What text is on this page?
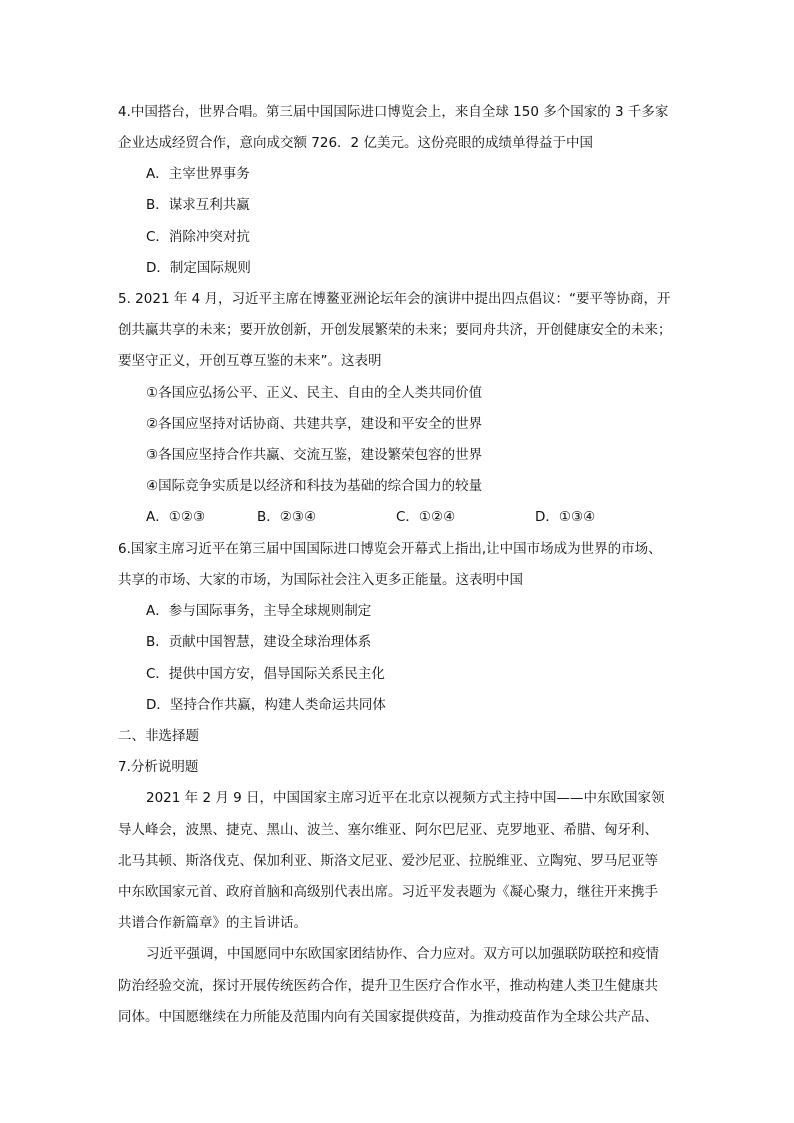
4.中国搭台，世界合唱。第三届中国国际进口博览会上，来自全球 150 多个国家的 3 千多家
企业达成经贸合作，意向成交额 726．2 亿美元。这份亮眼的成绩单得益于中国
A．主宰世界事务
B．谋求互利共赢
C．消除冲突对抗
D．制定国际规则
5. 2021 年 4 月，习近平主席在博鳌亚洲论坛年会的演讲中提出四点倡议：“要平等协商，开
创共赢共享的未来；要开放创新，开创发展繁荣的未来；要同舟共济，开创健康安全的未来；
要坚守正义，开创互尊互鉴的未来”。这表明
①各国应弘扬公平、正义、民主、自由的全人类共同价值
②各国应坚持对话协商、共建共享，建设和平安全的世界
③各国应坚持合作共赢、交流互鉴，建设繁荣包容的世界
④国际竞争实质是以经济和科技为基础的综合国力的较量
A．①②③	B．②③④	C．①②④	D．①③④
6.国家主席习近平在第三届中国国际进口博览会开幕式上指出,让中国市场成为世界的市场、
共享的市场、大家的市场，为国际社会注入更多正能量。这表明中国
A．参与国际事务，主导全球规则制定
B．贡献中国智慧，建设全球治理体系
C．提供中国方安，倡导国际关系民主化
D．坚持合作共赢，构建人类命运共同体
二、非选择题
7.分析说明题
2021 年 2 月 9 日，中国国家主席习近平在北京以视频方式主持中国——中东欧国家领
导人峰会，波黑、捷克、黑山、波兰、塞尔维亚、阿尔巴尼亚、克罗地亚、希腊、匈牙利、
北马其顿、斯洛伐克、保加利亚、斯洛文尼亚、爱沙尼亚、拉脱维亚、立陶宛、罗马尼亚等
中东欧国家元首、政府首脑和高级别代表出席。习近平发表题为《凝心聚力，继往开来携手
共谱合作新篇章》的主旨讲话。
习近平强调，中国愿同中东欧国家团结协作、合力应对。双方可以加强联防联控和疫情
防治经验交流，探讨开展传统医药合作，提升卫生医疗合作水平，推动构建人类卫生健康共
同体。中国愿继续在力所能及范围内向有关国家提供疫苗，为推动疫苗作为全球公共产品、
